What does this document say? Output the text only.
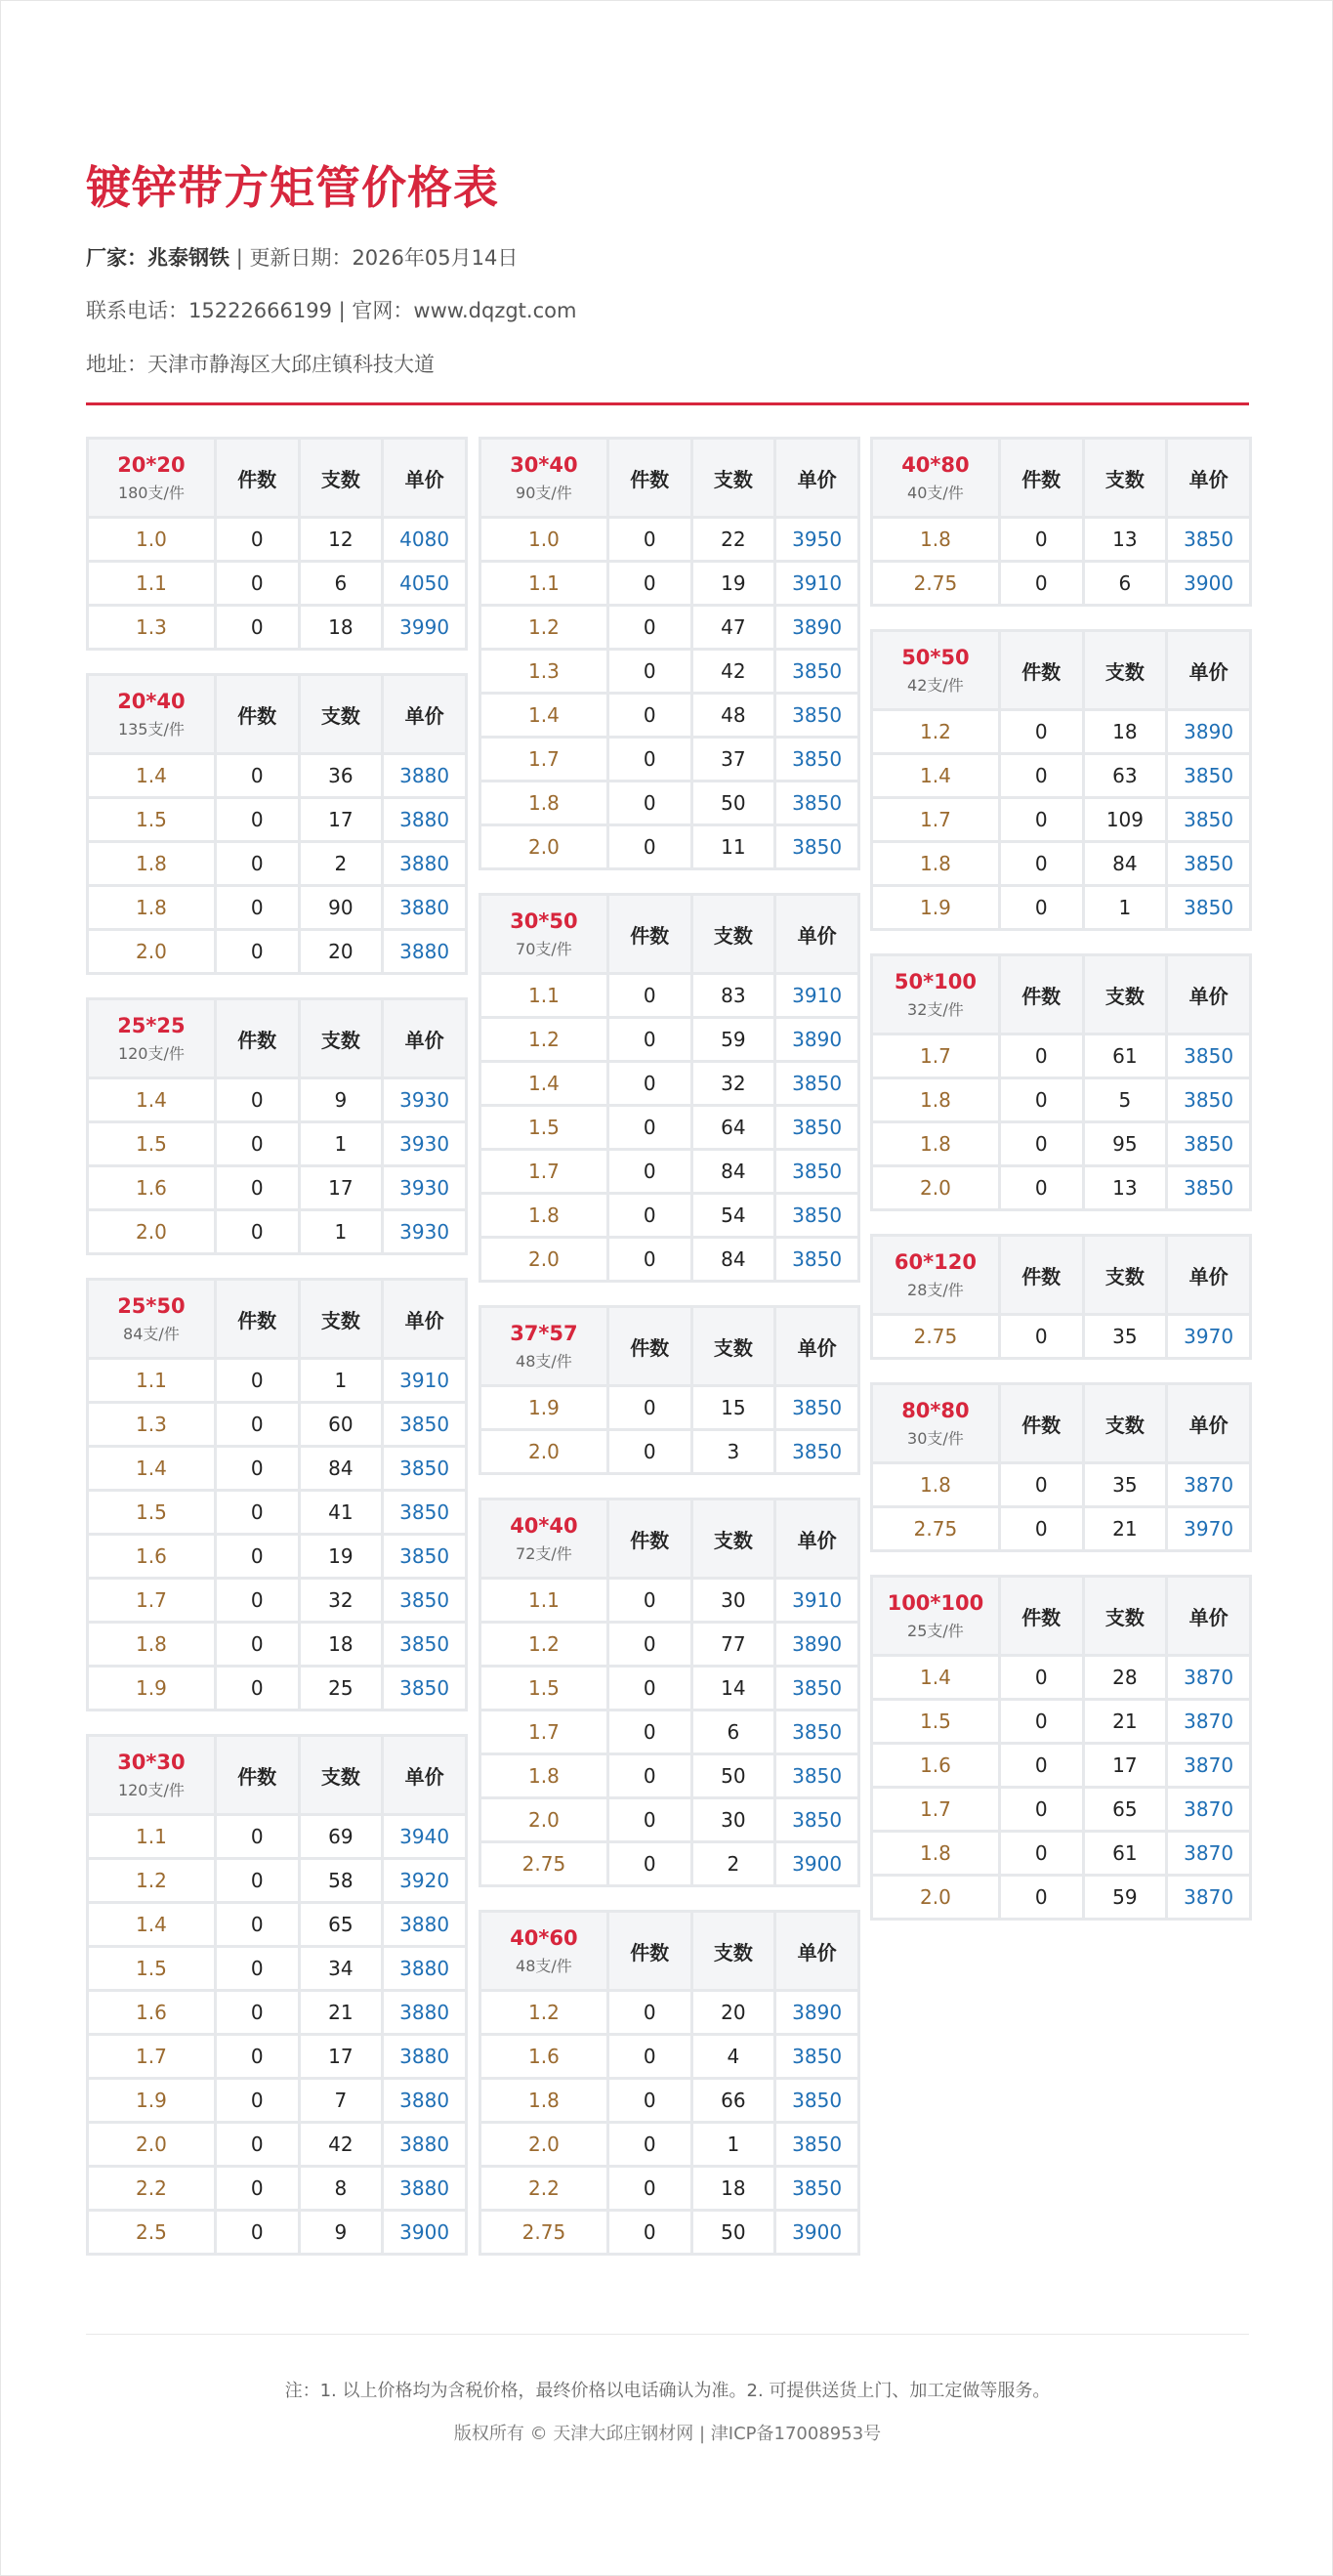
镀锌带方矩管价格表
厂家：兆泰钢铁 | 更新日期：2026年05月14日
联系电话：15222666199 | 官网：www.dqzgt.com
地址：天津市静海区大邱庄镇科技大道
20*20
180支/件	件数	支数	单价
1.0	0	12	4080
1.1	0	6	4050
1.3	0	18	3990
20*40
135支/件	件数	支数	单价
1.4	0	36	3880
1.5	0	17	3880
1.8	0	2	3880
1.8	0	90	3880
2.0	0	20	3880
25*25
120支/件	件数	支数	单价
1.4	0	9	3930
1.5	0	1	3930
1.6	0	17	3930
2.0	0	1	3930
25*50
84支/件	件数	支数	单价
1.1	0	1	3910
1.3	0	60	3850
1.4	0	84	3850
1.5	0	41	3850
1.6	0	19	3850
1.7	0	32	3850
1.8	0	18	3850
1.9	0	25	3850
30*30
120支/件	件数	支数	单价
1.1	0	69	3940
1.2	0	58	3920
1.4	0	65	3880
1.5	0	34	3880
1.6	0	21	3880
1.7	0	17	3880
1.9	0	7	3880
2.0	0	42	3880
2.2	0	8	3880
2.5	0	9	3900
30*40
90支/件	件数	支数	单价
1.0	0	22	3950
1.1	0	19	3910
1.2	0	47	3890
1.3	0	42	3850
1.4	0	48	3850
1.7	0	37	3850
1.8	0	50	3850
2.0	0	11	3850
30*50
70支/件	件数	支数	单价
1.1	0	83	3910
1.2	0	59	3890
1.4	0	32	3850
1.5	0	64	3850
1.7	0	84	3850
1.8	0	54	3850
2.0	0	84	3850
37*57
48支/件	件数	支数	单价
1.9	0	15	3850
2.0	0	3	3850
40*40
72支/件	件数	支数	单价
1.1	0	30	3910
1.2	0	77	3890
1.5	0	14	3850
1.7	0	6	3850
1.8	0	50	3850
2.0	0	30	3850
2.75	0	2	3900
40*60
48支/件	件数	支数	单价
1.2	0	20	3890
1.6	0	4	3850
1.8	0	66	3850
2.0	0	1	3850
2.2	0	18	3850
2.75	0	50	3900
40*80
40支/件	件数	支数	单价
1.8	0	13	3850
2.75	0	6	3900
50*50
42支/件	件数	支数	单价
1.2	0	18	3890
1.4	0	63	3850
1.7	0	109	3850
1.8	0	84	3850
1.9	0	1	3850
50*100
32支/件	件数	支数	单价
1.7	0	61	3850
1.8	0	5	3850
1.8	0	95	3850
2.0	0	13	3850
60*120
28支/件	件数	支数	单价
2.75	0	35	3970
80*80
30支/件	件数	支数	单价
1.8	0	35	3870
2.75	0	21	3970
100*100
25支/件	件数	支数	单价
1.4	0	28	3870
1.5	0	21	3870
1.6	0	17	3870
1.7	0	65	3870
1.8	0	61	3870
2.0	0	59	3870
注：1. 以上价格均为含税价格，最终价格以电话确认为准。2. 可提供送货上门、加工定做等服务。
版权所有 © 天津大邱庄钢材网 | 津ICP备17008953号
